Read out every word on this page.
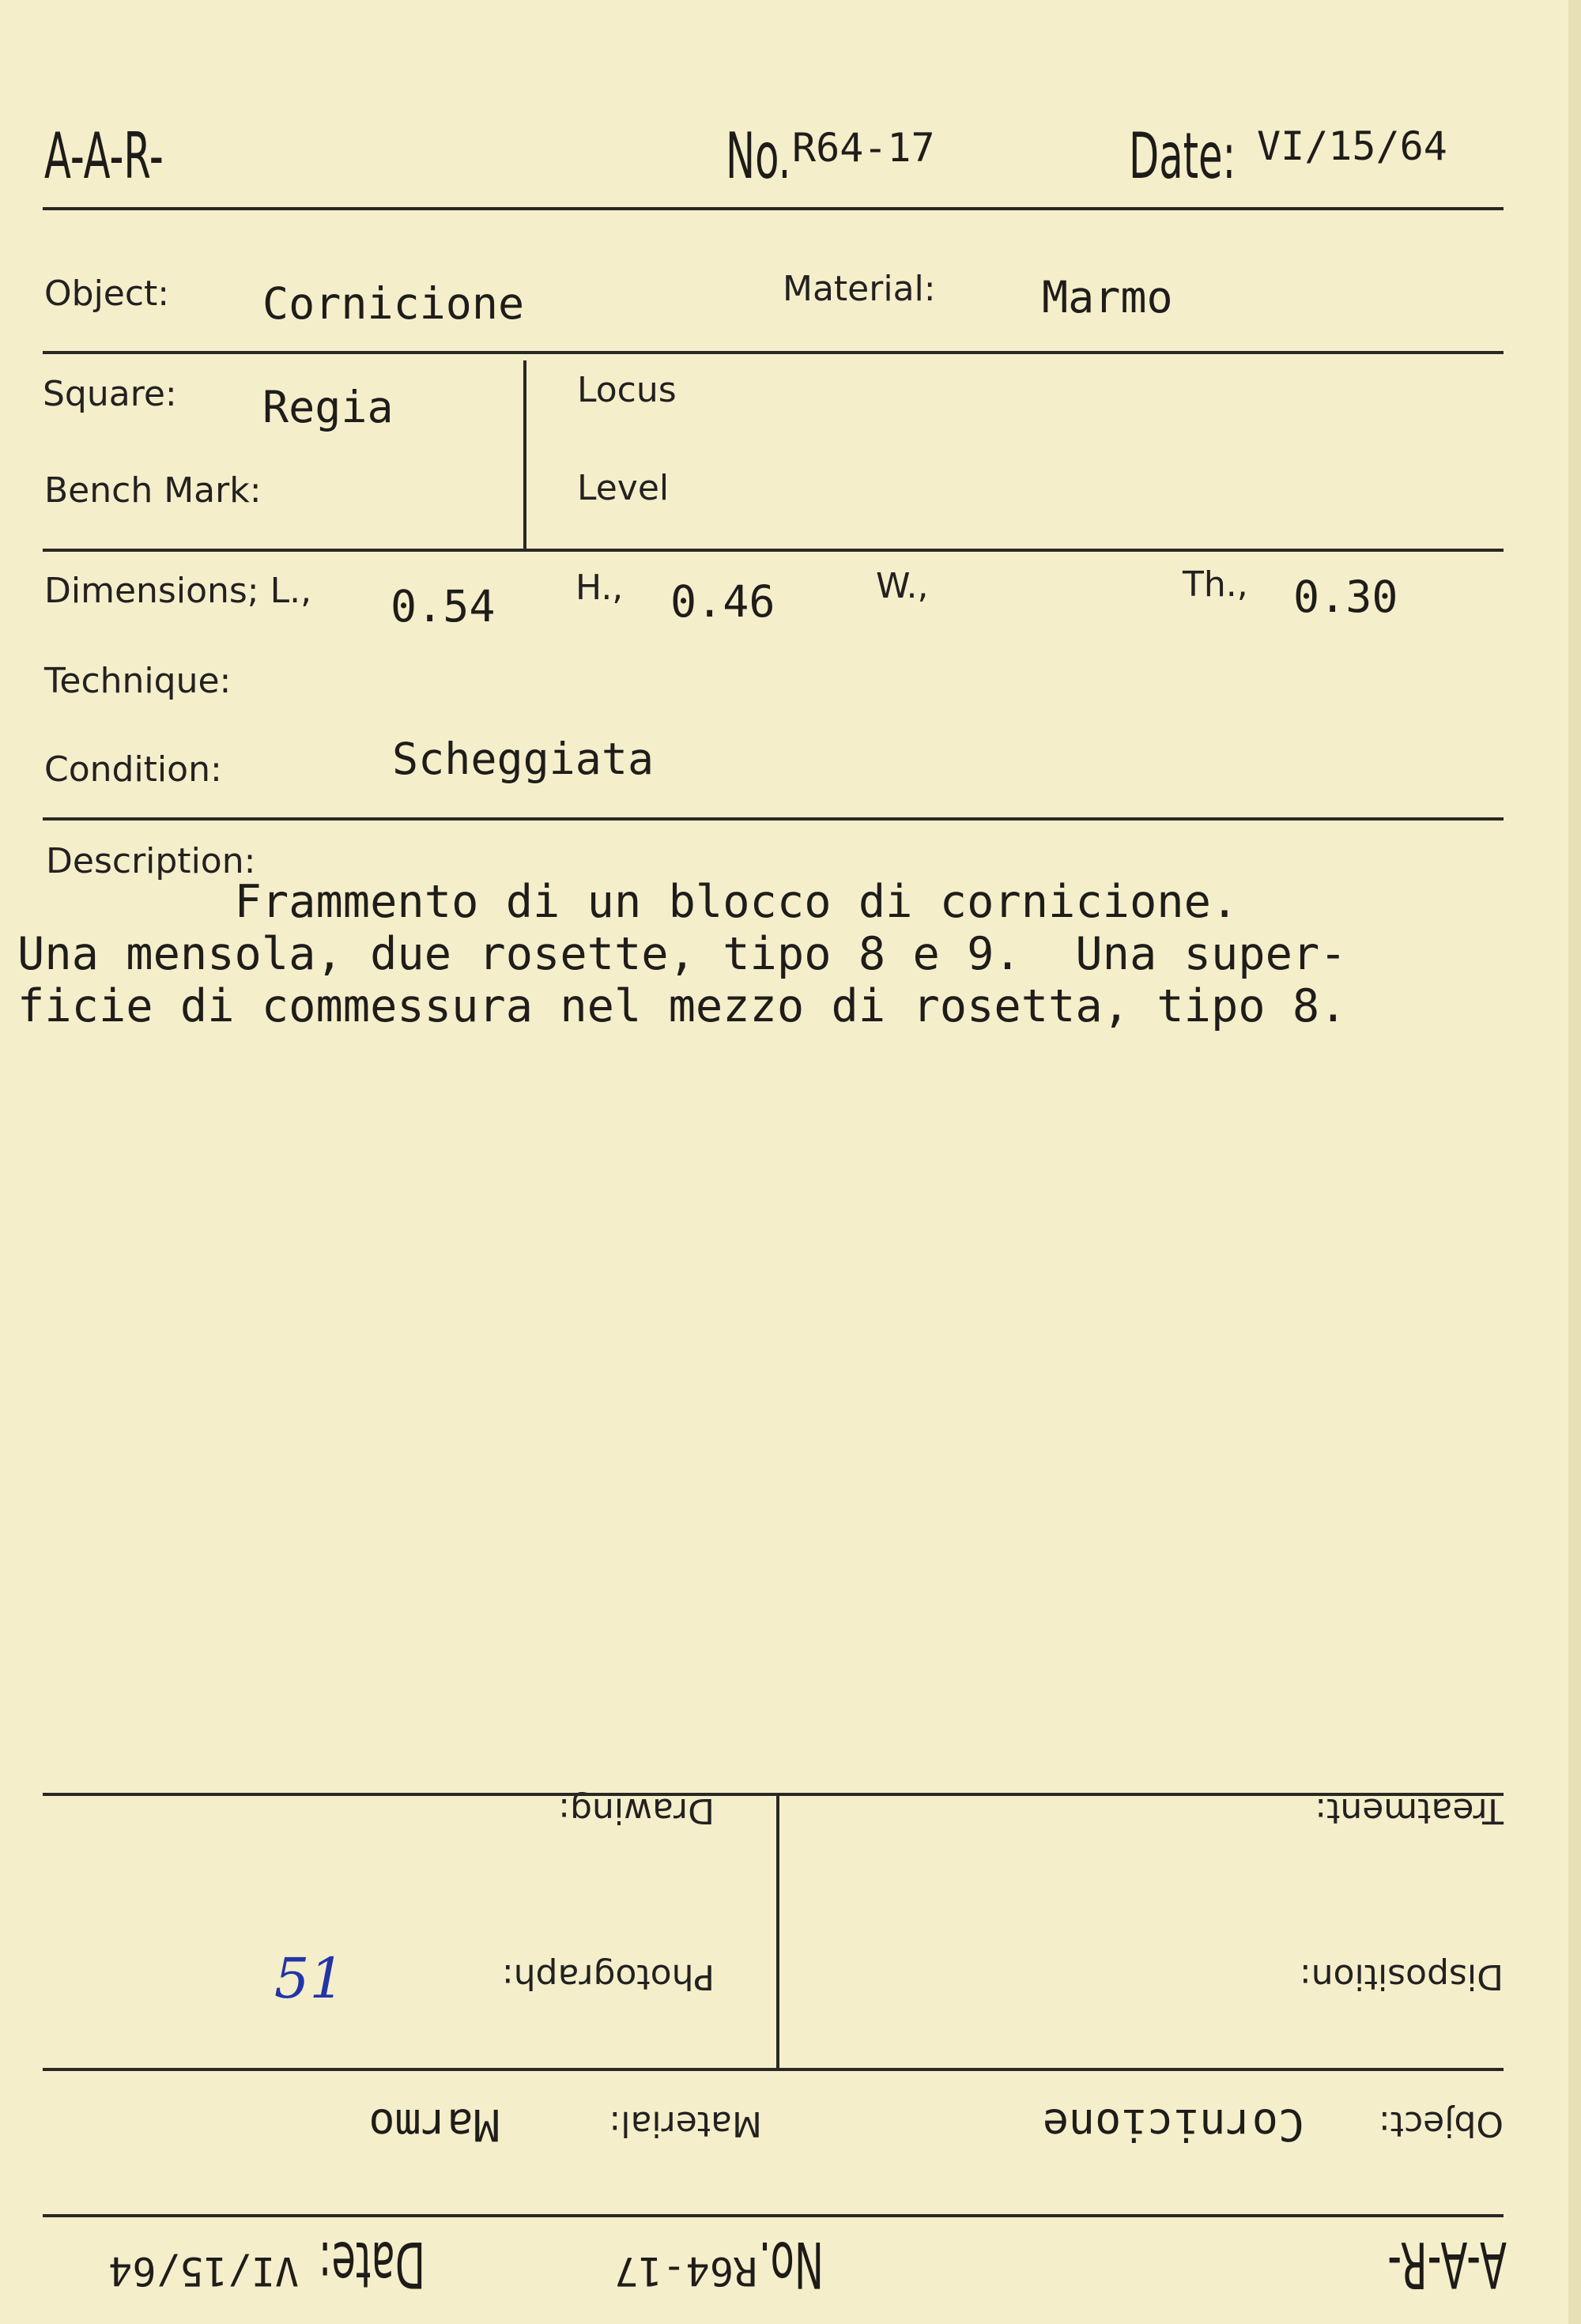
A-A-R-	No. R64-17	Date: VI/15/64
Object: Cornicione	Material: Marmo
Square: Regia	Locus
Bench Mark:	Level
Dimensions; L., 0.54 H., 0.46	W.,	Th., 0.30
Technique:
Condition:	Scheggiata
Description:
Frammento di un blocco di cornicione.
Una mensola, due rosette, tipo 8 e 9.  Una super-
ficie di commessura nel mezzo di rosetta, tipo 8.
A-A-R-
No.
R64-17
Date:
VI/15/64
Object:
Cornicione
Material:
Marmo
Disposition:
Photograph:
51
Treatment:
Drawing:
